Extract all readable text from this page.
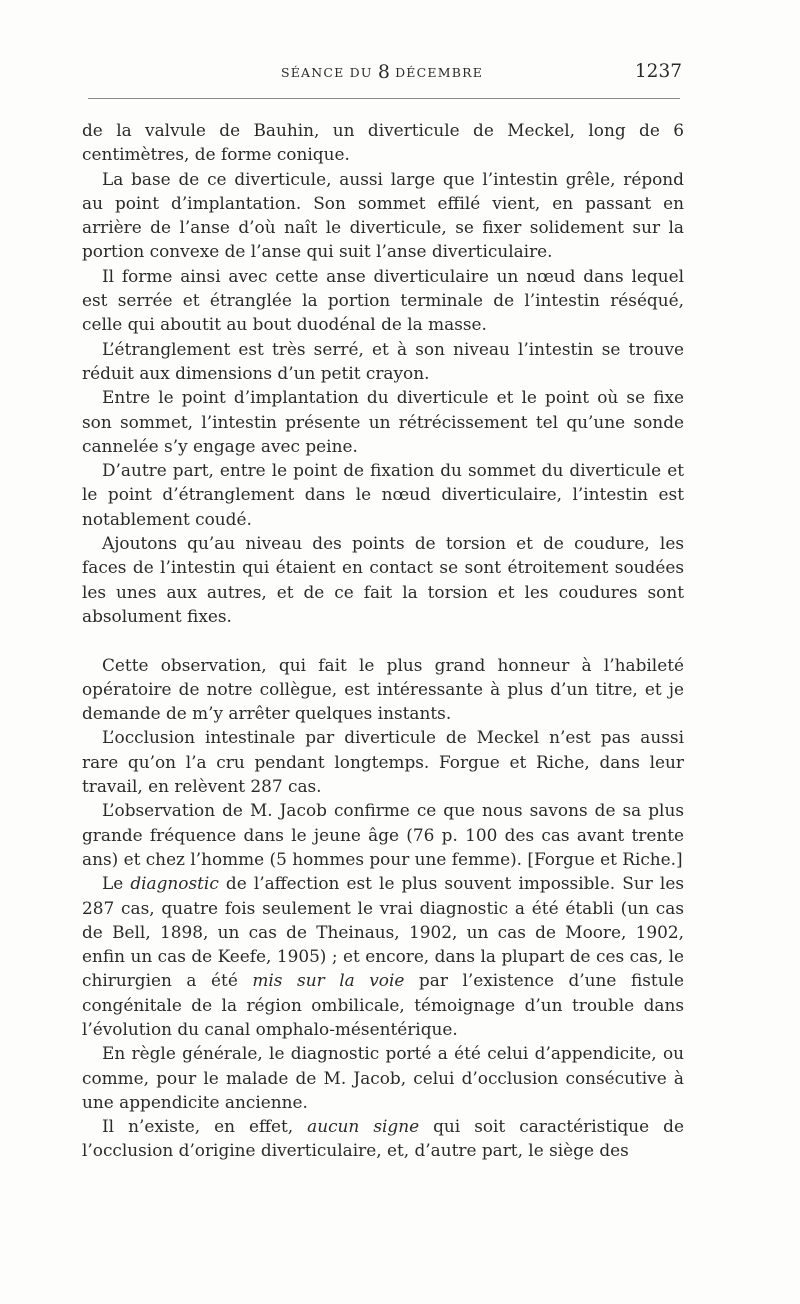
SÉANCE DU 8 DÉCEMBRE	1237

de la valvule de Bauhin, un diverticule de Meckel, long de 6 centimètres, de forme conique.

La base de ce diverticule, aussi large que l’intestin grêle, répond au point d’implantation. Son sommet effilé vient, en passant en arrière de l’anse d’où naît le diverticule, se fixer solidement sur la portion convexe de l’anse qui suit l’anse diverticulaire.

Il forme ainsi avec cette anse diverticulaire un nœud dans lequel est serrée et étranglée la portion terminale de l’intestin réséqué, celle qui aboutit au bout duodénal de la masse.

L’étranglement est très serré, et à son niveau l’intestin se trouve réduit aux dimensions d’un petit crayon.

Entre le point d’implantation du diverticule et le point où se fixe son sommet, l’intestin présente un rétrécissement tel qu’une sonde cannelée s’y engage avec peine.

D’autre part, entre le point de fixation du sommet du diverticule et le point d’étranglement dans le nœud diverticulaire, l’intestin est notablement coudé.

Ajoutons qu’au niveau des points de torsion et de coudure, les faces de l’intestin qui étaient en contact se sont étroitement soudées les unes aux autres, et de ce fait la torsion et les coudures sont absolument fixes.

Cette observation, qui fait le plus grand honneur à l’habileté opératoire de notre collègue, est intéressante à plus d’un titre, et je demande de m’y arrêter quelques instants.

L’occlusion intestinale par diverticule de Meckel n’est pas aussi rare qu’on l’a cru pendant longtemps. Forgue et Riche, dans leur travail, en relèvent 287 cas.

L’observation de M. Jacob confirme ce que nous savons de sa plus grande fréquence dans le jeune âge (76 p. 100 des cas avant trente ans) et chez l’homme (5 hommes pour une femme). [Forgue et Riche.]

Le diagnostic de l’affection est le plus souvent impossible. Sur les 287 cas, quatre fois seulement le vrai diagnostic a été établi (un cas de Bell, 1898, un cas de Theinaus, 1902, un cas de Moore, 1902, enfin un cas de Keefe, 1905) ; et encore, dans la plupart de ces cas, le chirurgien a été mis sur la voie par l’existence d’une fistule congénitale de la région ombilicale, témoignage d’un trouble dans l’évolution du canal omphalo-mésentérique.

En règle générale, le diagnostic porté a été celui d’appendicite, ou comme, pour le malade de M. Jacob, celui d’occlusion consécutive à une appendicite ancienne.

Il n’existe, en effet, aucun signe qui soit caractéristique de l’occlusion d’origine diverticulaire, et, d’autre part, le siège des
